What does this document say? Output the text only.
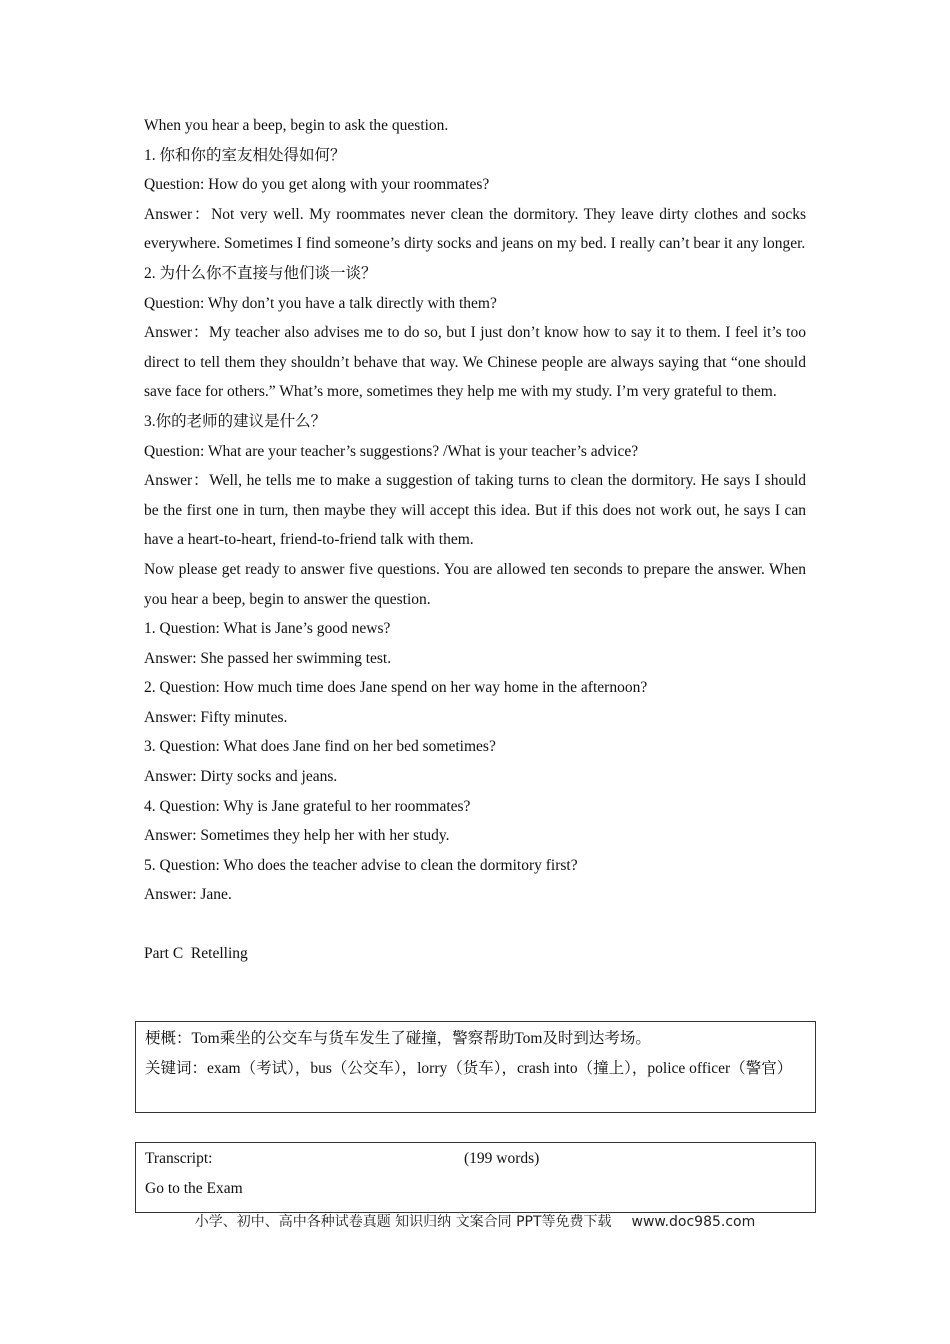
When you hear a beep, begin to ask the question.
1. 你和你的室友相处得如何？
Question: How do you get along with your roommates?
Answer：Not very well. My roommates never clean the dormitory. They leave dirty clothes and socks everywhere. Sometimes I find someone’s dirty socks and jeans on my bed. I really can’t bear it any longer.
2. 为什么你不直接与他们谈一谈？
Question: Why don’t you have a talk directly with them?
Answer：My teacher also advises me to do so, but I just don’t know how to say it to them. I feel it’s too direct to tell them they shouldn’t behave that way. We Chinese people are always saying that “one should save face for others.” What’s more, sometimes they help me with my study. I’m very grateful to them.
3.你的老师的建议是什么？
Question: What are your teacher’s suggestions? /What is your teacher’s advice?
Answer：Well, he tells me to make a suggestion of taking turns to clean the dormitory. He says I should be the first one in turn, then maybe they will accept this idea. But if this does not work out, he says I can have a heart-to-heart, friend-to-friend talk with them.
Now please get ready to answer five questions. You are allowed ten seconds to prepare the answer. When you hear a beep, begin to answer the question.
1. Question: What is Jane’s good news?
Answer: She passed her swimming test.
2. Question: How much time does Jane spend on her way home in the afternoon?
Answer: Fifty minutes.
3. Question: What does Jane find on her bed sometimes?
Answer: Dirty socks and jeans.
4. Question: Why is Jane grateful to her roommates?
Answer: Sometimes they help her with her study.
5. Question: Who does the teacher advise to clean the dormitory first?
Answer: Jane.
Part C  Retelling
梗概：Tom乘坐的公交车与货车发生了碰撞，警察帮助Tom及时到达考场。
关键词：exam（考试），bus（公交车），lorry（货车），crash into（撞上），police officer（警官）
Transcript:	(199 words)
Go to the Exam
小学、初中、高中各种试卷真题 知识归纳 文案合同 PPT等免费下载 www.doc985.com
